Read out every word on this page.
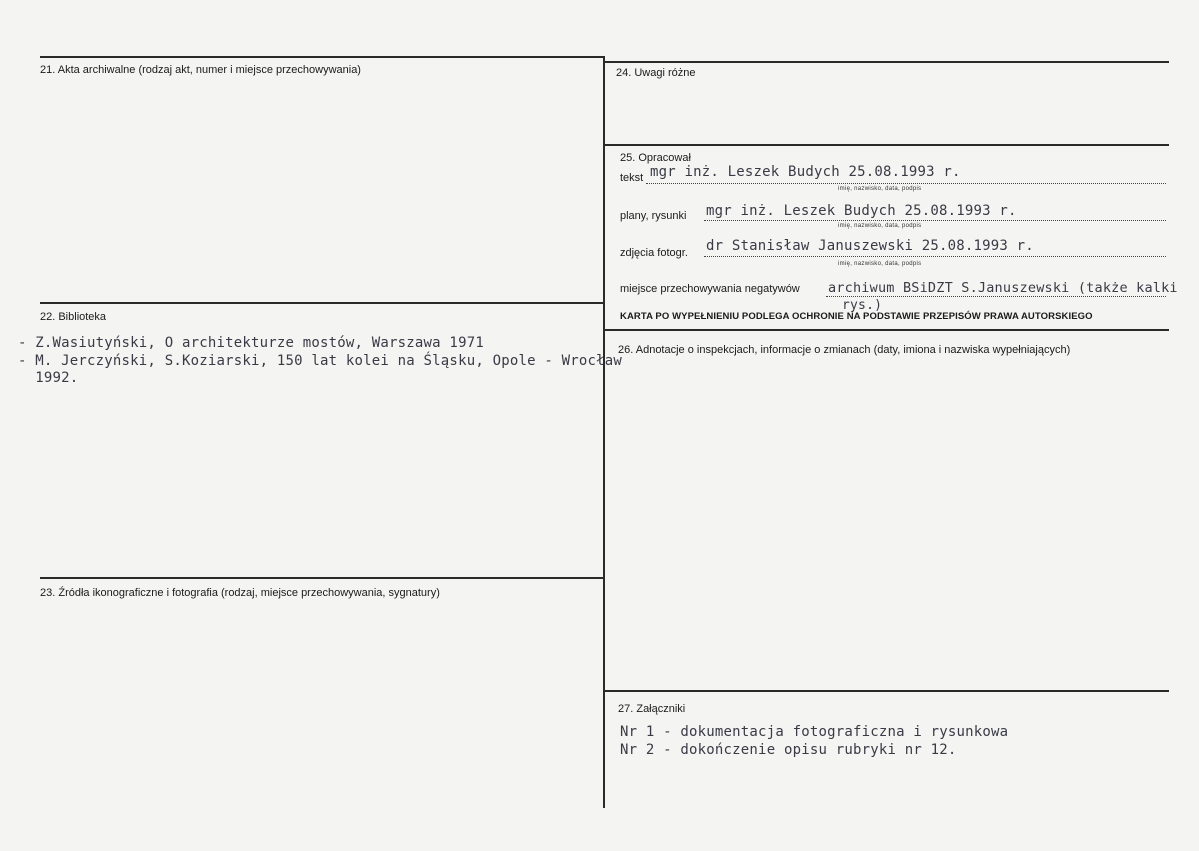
21. Akta archiwalne (rodzaj akt, numer i miejsce przechowywania)
22. Biblioteka
- Z.Wasiutyński, O architekturze mostów, Warszawa 1971
- M. Jerczyński, S.Koziarski, 150 lat kolei na Śląsku, Opole - Wrocław
1992.
23. Źródła ikonograficzne i fotografia (rodzaj, miejsce przechowywania, sygnatury)
24. Uwagi różne
25. Opracował
tekst mgr inż. Leszek Budych 25.08.1993 r.
imię, nazwisko, data, podpis
plany, rysunki mgr inż. Leszek Budych 25.08.1993 r.
imię, nazwisko, data, podpis
zdjęcia fotogr. dr Stanisław Januszewski 25.08.1993 r.
imię, nazwisko, data, podpis
miejsce przechowywania negatywów archiwum BSiDZT S.Januszewski (także kalki
rys.)
KARTA PO WYPEŁNIENIU PODLEGA OCHRONIE NA PODSTAWIE PRZEPISÓW PRAWA AUTORSKIEGO
26. Adnotacje o inspekcjach, informacje o zmianach (daty, imiona i nazwiska wypełniających)
27. Załączniki
Nr 1 - dokumentacja fotograficzna i rysunkowa
Nr 2 - dokończenie opisu rubryki nr 12.
